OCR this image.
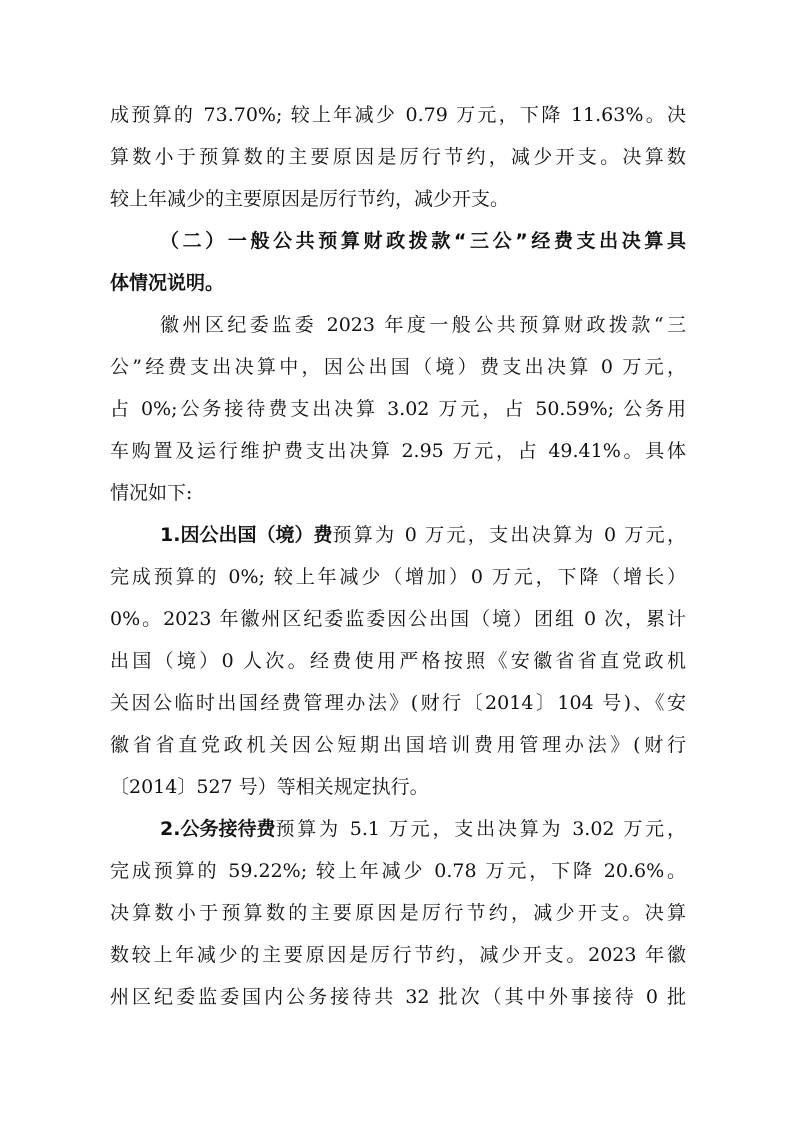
成预算的 73.70%; 较上年减少 0.79 万元，下降 11.63%。决
算数小于预算数的主要原因是厉行节约，减少开支。决算数
较上年减少的主要原因是厉行节约，减少开支。
（二）一般公共预算财政拨款“三公”经费支出决算具
体情况说明。
徽州区纪委监委 2023 年度一般公共预算财政拨款“三
公”经费支出决算中，因公出国（境）费支出决算 0 万元，
占 0%;公务接待费支出决算 3.02 万元，占 50.59%; 公务用
车购置及运行维护费支出决算 2.95 万元，占 49.41%。具体
情况如下:
1.因公出国（境）费 预算为 0 万元，支出决算为 0 万元，
完成预算的 0%; 较上年减少（增加）0 万元，下降（增长）
0%。2023 年徽州区纪委监委因公出国（境）团组 0 次，累计
出国（境）0 人次。经费使用严格按照《安徽省省直党政机
关因公临时出国经费管理办法》(财行〔2014〕104 号)、《安
徽省省直党政机关因公短期出国培训费用管理办法》(财行
〔2014〕527 号）等相关规定执行。
2.公务接待费 预算为 5.1 万元，支出决算为 3.02 万元，
完成预算的 59.22%; 较上年减少 0.78 万元，下降 20.6%。
决算数小于预算数的主要原因是厉行节约，减少开支。决算
数较上年减少的主要原因是厉行节约，减少开支。2023 年徽
州区纪委监委国内公务接待共 32 批次（其中外事接待 0 批
